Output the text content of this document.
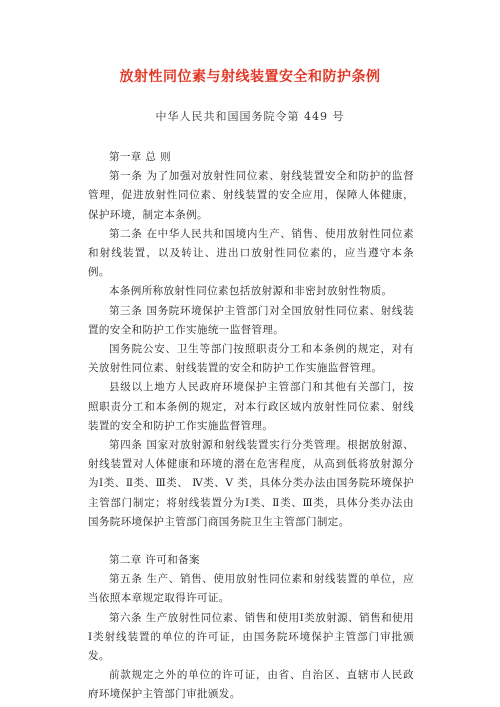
放射性同位素与射线装置安全和防护条例
中华人民共和国国务院令第 449 号

第一章 总 则

第一条 为了加强对放射性同位素、射线装置安全和防护的监督管理，促进放射性同位素、射线装置的安全应用，保障人体健康，保护环境，制定本条例。

第二条 在中华人民共和国境内生产、销售、使用放射性同位素和射线装置，以及转让、进出口放射性同位素的，应当遵守本条例。

本条例所称放射性同位素包括放射源和非密封放射性物质。

第三条 国务院环境保护主管部门对全国放射性同位素、射线装置的安全和防护工作实施统一监督管理。

国务院公安、卫生等部门按照职责分工和本条例的规定，对有关放射性同位素、射线装置的安全和防护工作实施监督管理。

县级以上地方人民政府环境保护主管部门和其他有关部门，按照职责分工和本条例的规定，对本行政区域内放射性同位素、射线装置的安全和防护工作实施监督管理。

第四条 国家对放射源和射线装置实行分类管理。根据放射源、射线装置对人体健康和环境的潜在危害程度，从高到低将放射源分为Ⅰ类、Ⅱ类、Ⅲ类、 Ⅳ类、Ⅴ 类，具体分类办法由国务院环境保护主管部门制定；将射线装置分为Ⅰ类、Ⅱ类、Ⅲ类，具体分类办法由国务院环境保护主管部门商国务院卫生主管部门制定。

第二章 许可和备案

第五条 生产、销售、使用放射性同位素和射线装置的单位，应当依照本章规定取得许可证。

第六条 生产放射性同位素、销售和使用Ⅰ类放射源、销售和使用Ⅰ类射线装置的单位的许可证，由国务院环境保护主管部门审批颁发。

前款规定之外的单位的许可证，由省、自治区、直辖市人民政府环境保护主管部门审批颁发。
